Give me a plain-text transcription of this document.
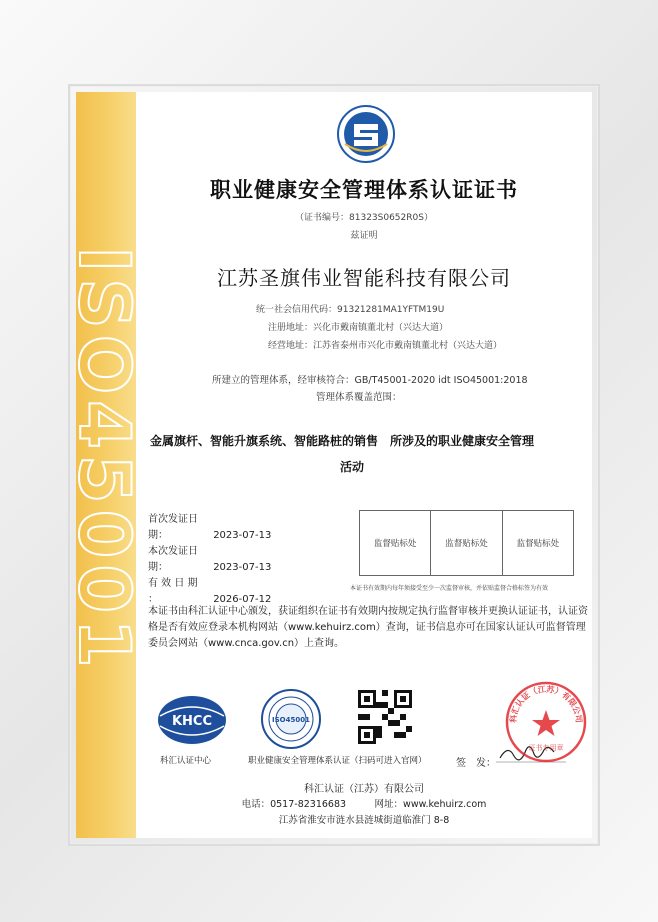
ISO45001
职业健康安全管理体系认证证书
（证书编号：81323S0652R0S）
兹证明
江苏圣旗伟业智能科技有限公司
统一社会信用代码：91321281MA1YFTM19U
注册地址：兴化市戴南镇董北村（兴达大道）
经营地址：江苏省泰州市兴化市戴南镇董北村（兴达大道）
所建立的管理体系，经审核符合：GB/T45001-2020 idt ISO45001:2018
管理体系覆盖范围：
金属旗杆、智能升旗系统、智能路桩的销售　所涉及的职业健康安全管理
活动
首次发证日期：	2023-07-13
本次发证日期：	2023-07-13
有 效 日 期 ：	2026-07-12
监督贴标处	监督贴标处	监督贴标处
本证书有效期内每年须接受至少一次监督审核，并依贴监督合格标签为有效
本证书由科汇认证中心颁发，获证组织在证书有效期内按规定执行监督审核并更换认证证书，认证资格是否有效应登录本机构网站（www.kehuirz.com）查询，证书信息亦可在国家认证认可监督管理委员会网站（www.cnca.gov.cn）上查询。
KHCC
科汇认证中心
ISO45001
职业健康安全管理体系认证 （扫码可进入官网）	签　发：
科汇认证（江苏）有限公司
证书专用章
科汇认证（江苏）有限公司
电话：0517-82316683　　　网址：www.kehuirz.com
江苏省淮安市涟水县涟城街道临淮门 8-8
